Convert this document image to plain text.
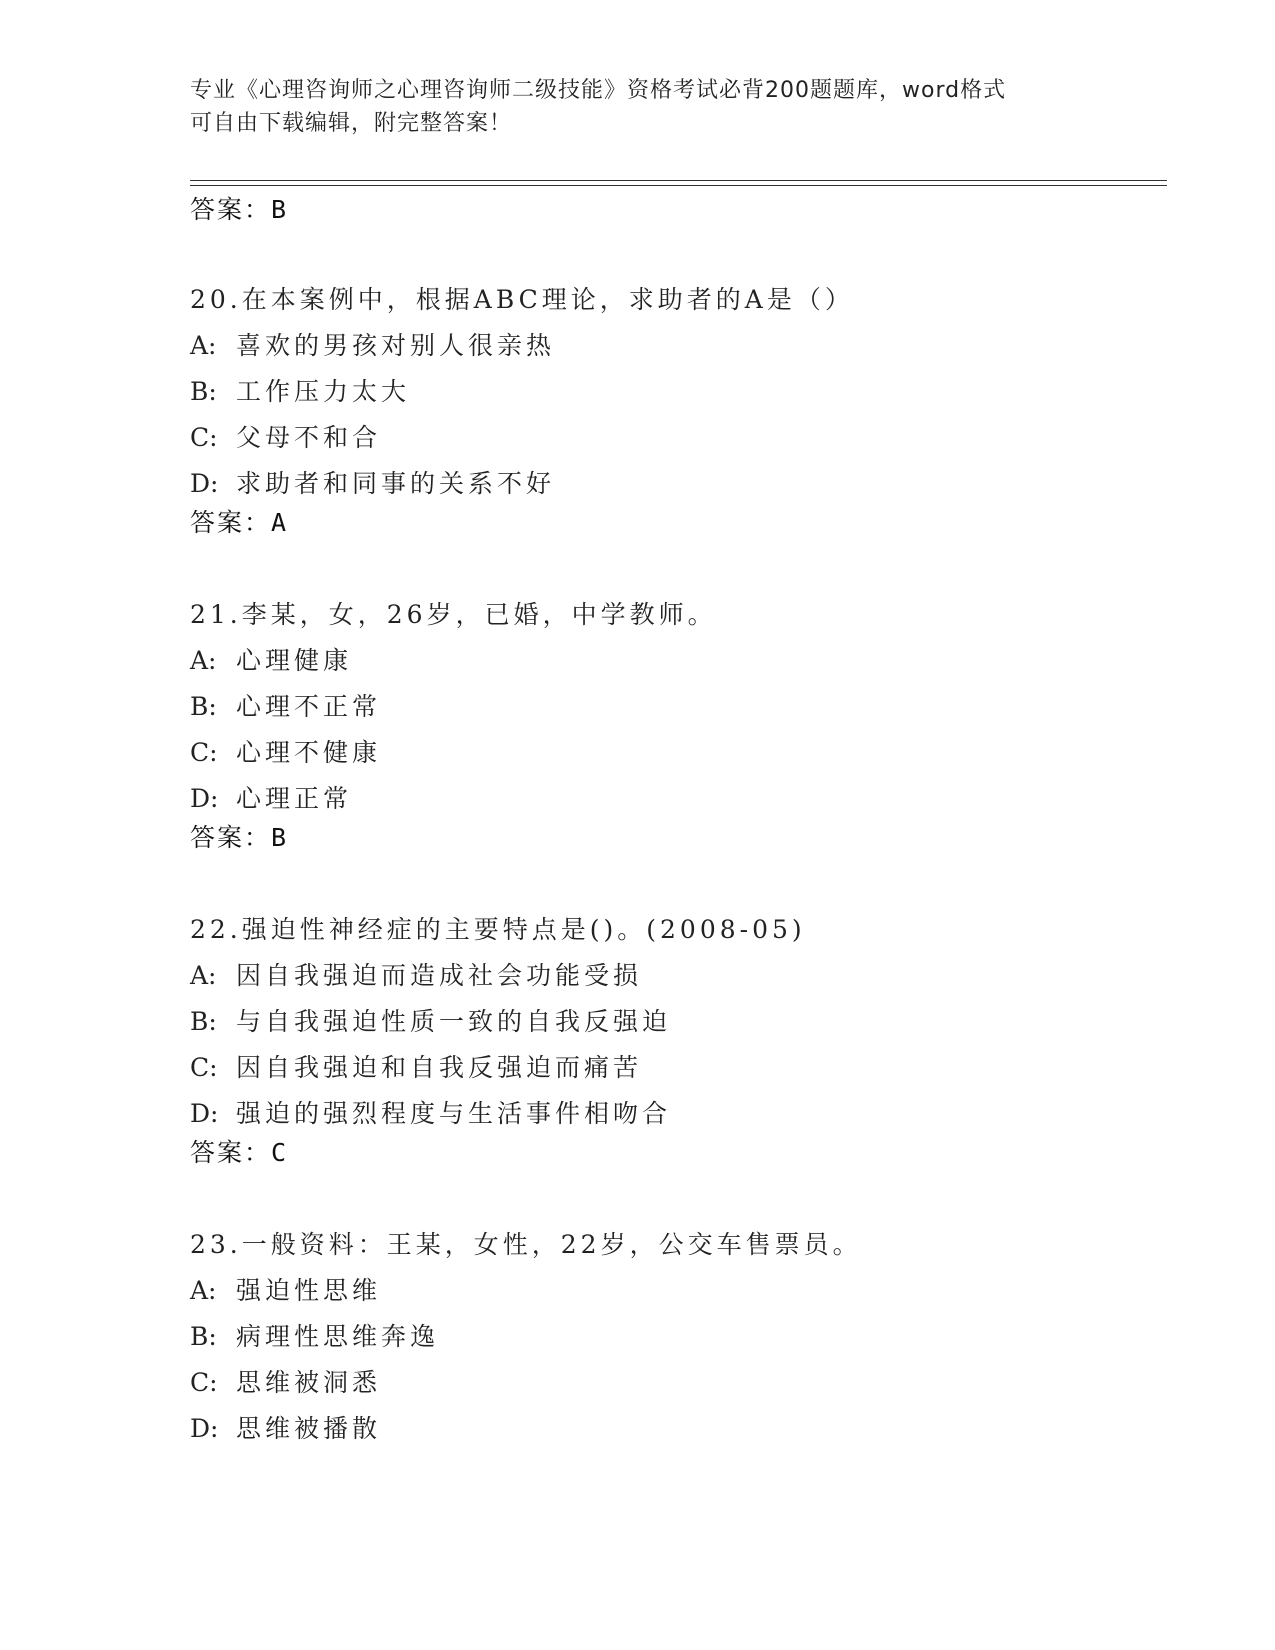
专业《心理咨询师之心理咨询师二级技能》资格考试必背200题题库，word格式
可自由下载编辑，附完整答案！
答案：B
20.在本案例中，根据ABC理论，求助者的A是（）
A: 喜欢的男孩对别人很亲热
B: 工作压力太大
C: 父母不和合
D: 求助者和同事的关系不好
答案：A
21.李某，女，26岁，已婚，中学教师。
A: 心理健康
B: 心理不正常
C: 心理不健康
D: 心理正常
答案：B
22.强迫性神经症的主要特点是()。(2008-05)
A: 因自我强迫而造成社会功能受损
B: 与自我强迫性质一致的自我反强迫
C: 因自我强迫和自我反强迫而痛苦
D: 强迫的强烈程度与生活事件相吻合
答案：C
23.一般资料：王某，女性，22岁，公交车售票员。
A: 强迫性思维
B: 病理性思维奔逸
C: 思维被洞悉
D: 思维被播散
